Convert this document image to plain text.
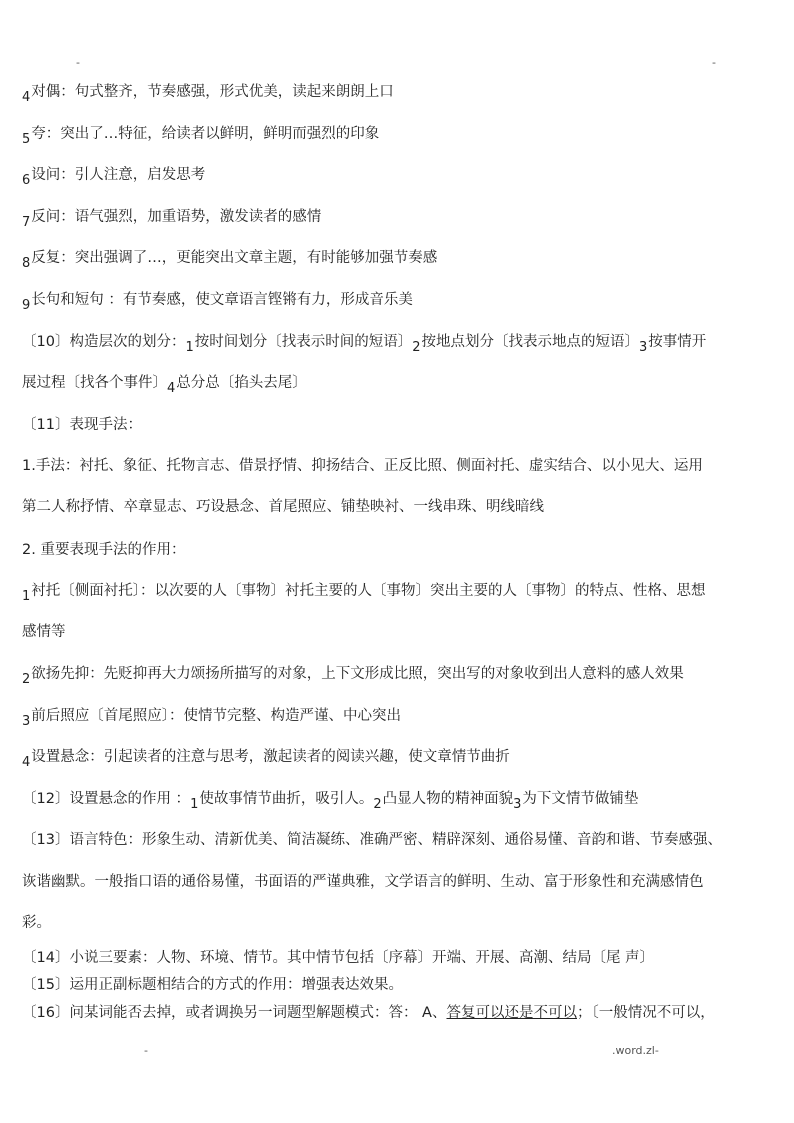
-	-
4对偶：句式整齐，节奏感强，形式优美，读起来朗朗上口
5夸：突出了…特征，给读者以鲜明，鲜明而强烈的印象
6设问：引人注意，启发思考
7反问：语气强烈，加重语势，激发读者的感情
8反复：突出强调了…，更能突出文章主题，有时能够加强节奏感
9长句和短句 ：有节奏感，使文章语言铿锵有力，形成音乐美
〔10〕构造层次的划分：1按时间划分〔找表示时间的短语〕2按地点划分〔找表示地点的短语〕3按事情开
展过程〔找各个事件〕4总分总〔掐头去尾〕
〔11〕表现手法：
1.手法：衬托、象征、托物言志、借景抒情、抑扬结合、正反比照、侧面衬托、虚实结合、以小见大、运用
第二人称抒情、卒章显志、巧设悬念、首尾照应、铺垫映衬、一线串珠、明线暗线
2. 重要表现手法的作用：
1衬托〔侧面衬托〕：以次要的人〔事物〕衬托主要的人〔事物〕突出主要的人〔事物〕的特点、性格、思想
感情等
2欲扬先抑：先贬抑再大力颂扬所描写的对象，上下文形成比照，突出写的对象收到出人意料的感人效果
3前后照应〔首尾照应〕：使情节完整、构造严谨、中心突出
4设置悬念：引起读者的注意与思考，激起读者的阅读兴趣，使文章情节曲折
〔12〕设置悬念的作用 ：1使故事情节曲折，吸引人。2凸显人物的精神面貌3为下文情节做铺垫
〔13〕语言特色：形象生动、清新优美、简洁凝练、准确严密、精辟深刻、通俗易懂、音韵和谐、节奏感强、
诙谐幽默。一般指口语的通俗易懂，书面语的严谨典雅，文学语言的鲜明、生动、富于形象性和充满感情色
彩。
〔14〕小说三要素：人物、环境、情节。其中情节包括〔序幕〕开端、开展、高潮、结局〔尾 声〕
〔15〕运用正副标题相结合的方式的作用：增强表达效果。
〔16〕问某词能否去掉，或者调换另一词题型解题模式：答： A、答复可以还是不可以；〔一般情况不可以，
-	.word.zl-
